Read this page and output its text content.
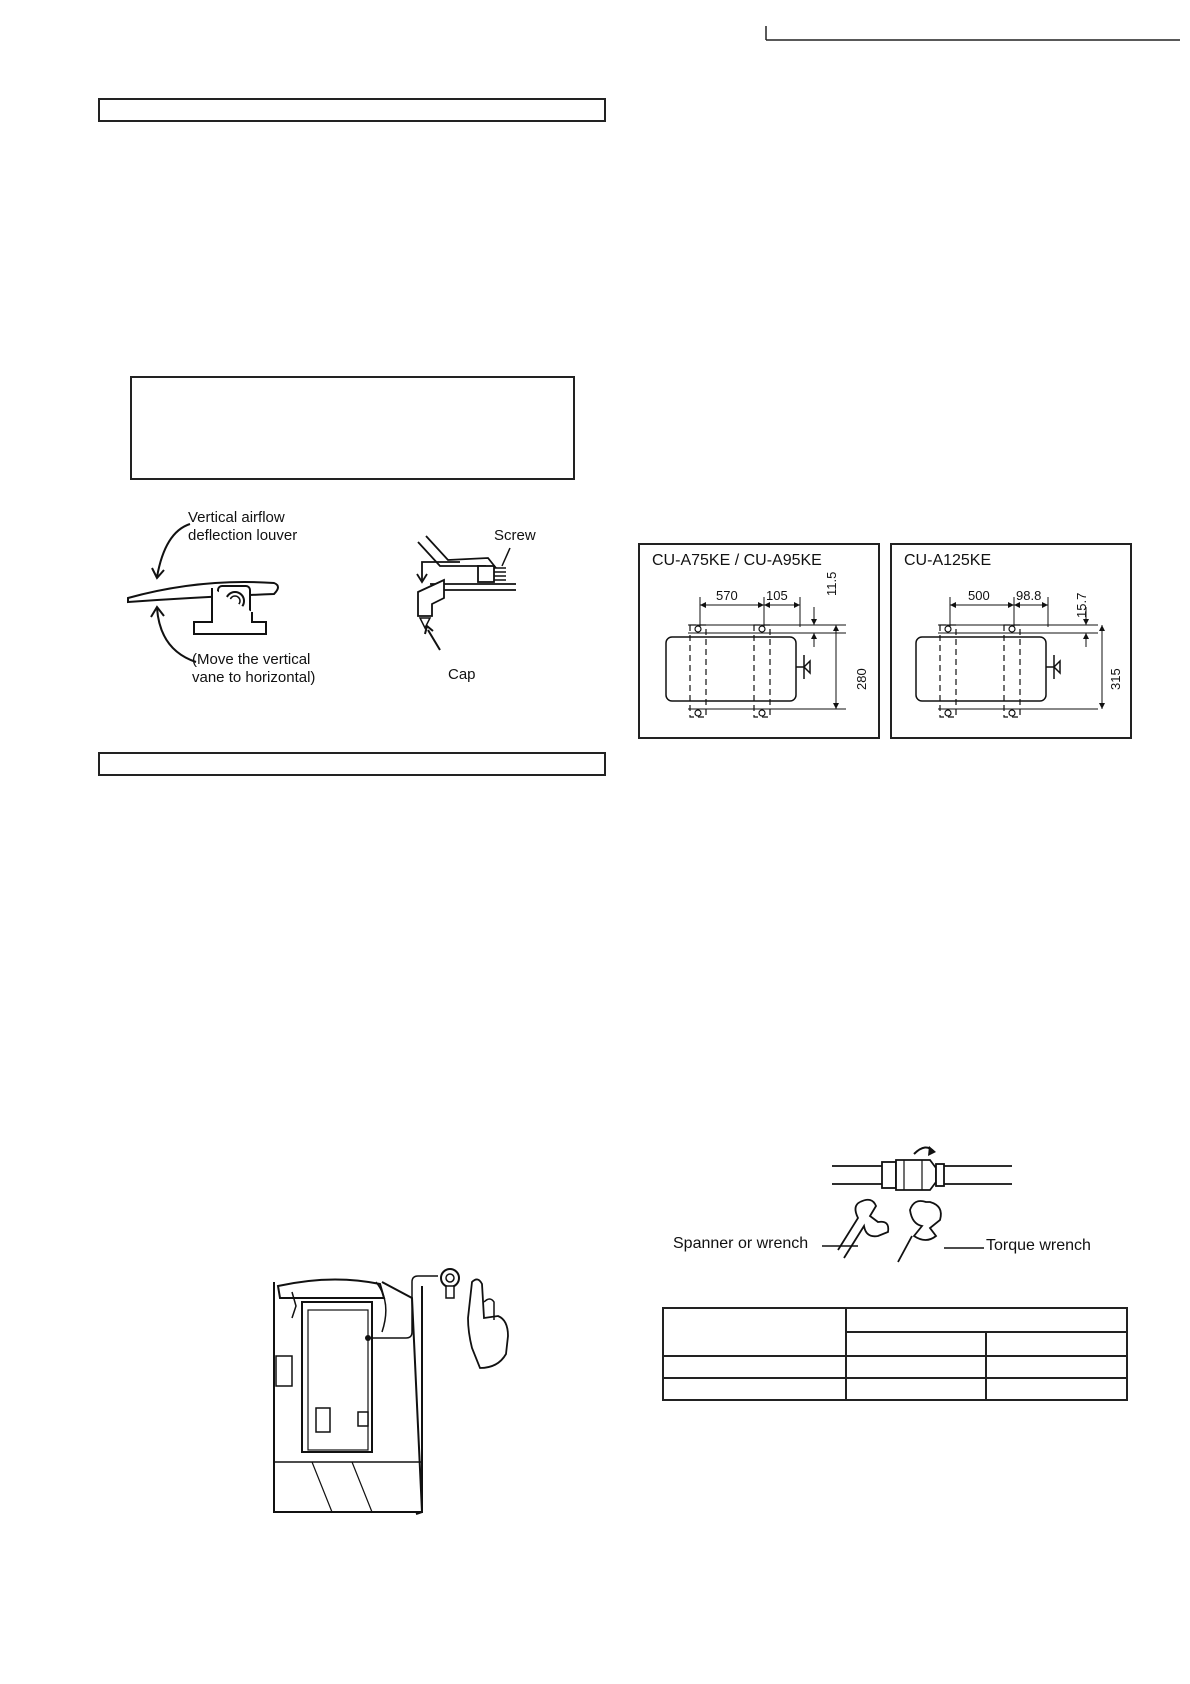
Vertical airflow
deflection louver
(Move the vertical
vane to horizontal)
Screw
Cap
CU-A75KE / CU-A95KE
570 105	11.5
280
CU-A125KE
500 98.8	15.7
315
Spanner or wrench	Torque wrench
